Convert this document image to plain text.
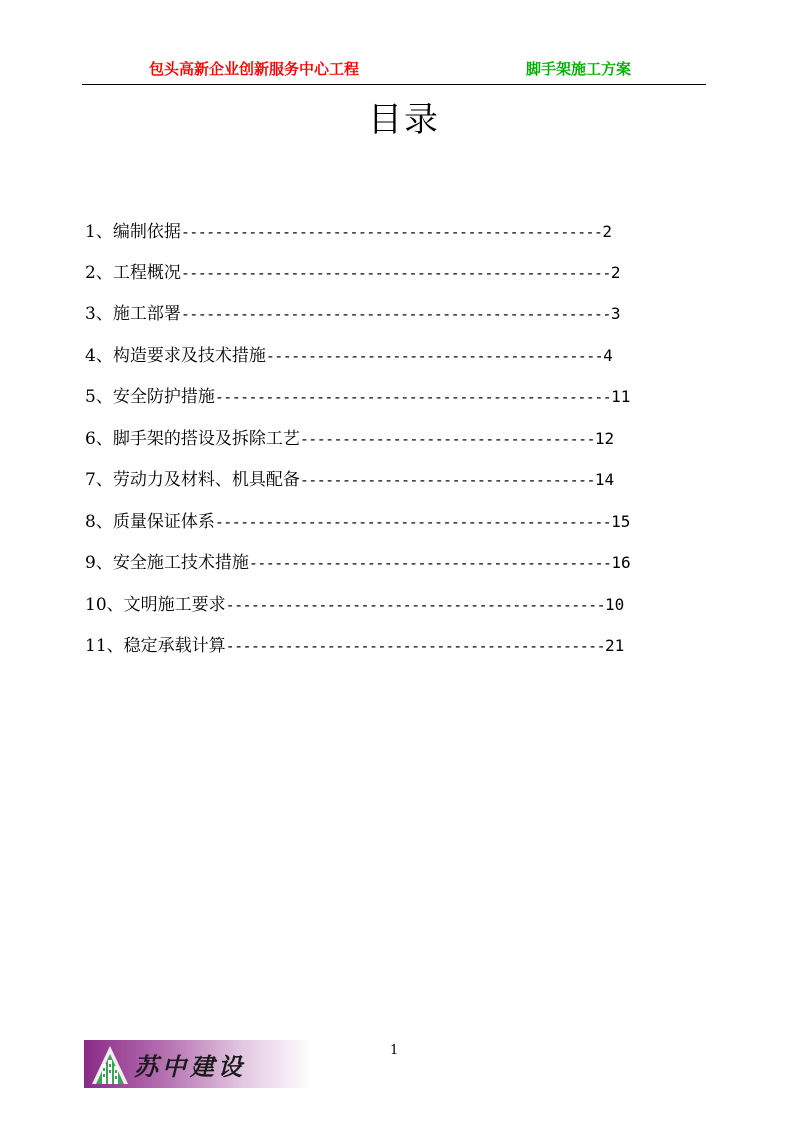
包头高新企业创新服务中心工程	脚手架施工方案
目录
1、编制依据--------------------------------------------------2
2、工程概况---------------------------------------------------2
3、施工部署---------------------------------------------------3
4、构造要求及技术措施----------------------------------------4
5、安全防护措施-----------------------------------------------11
6、脚手架的搭设及拆除工艺-----------------------------------12
7、劳动力及材料、机具配备-----------------------------------14
8、质量保证体系-----------------------------------------------15
9、安全施工技术措施-------------------------------------------16
10、文明施工要求---------------------------------------------10
11、稳定承载计算---------------------------------------------21
1
苏中建设
